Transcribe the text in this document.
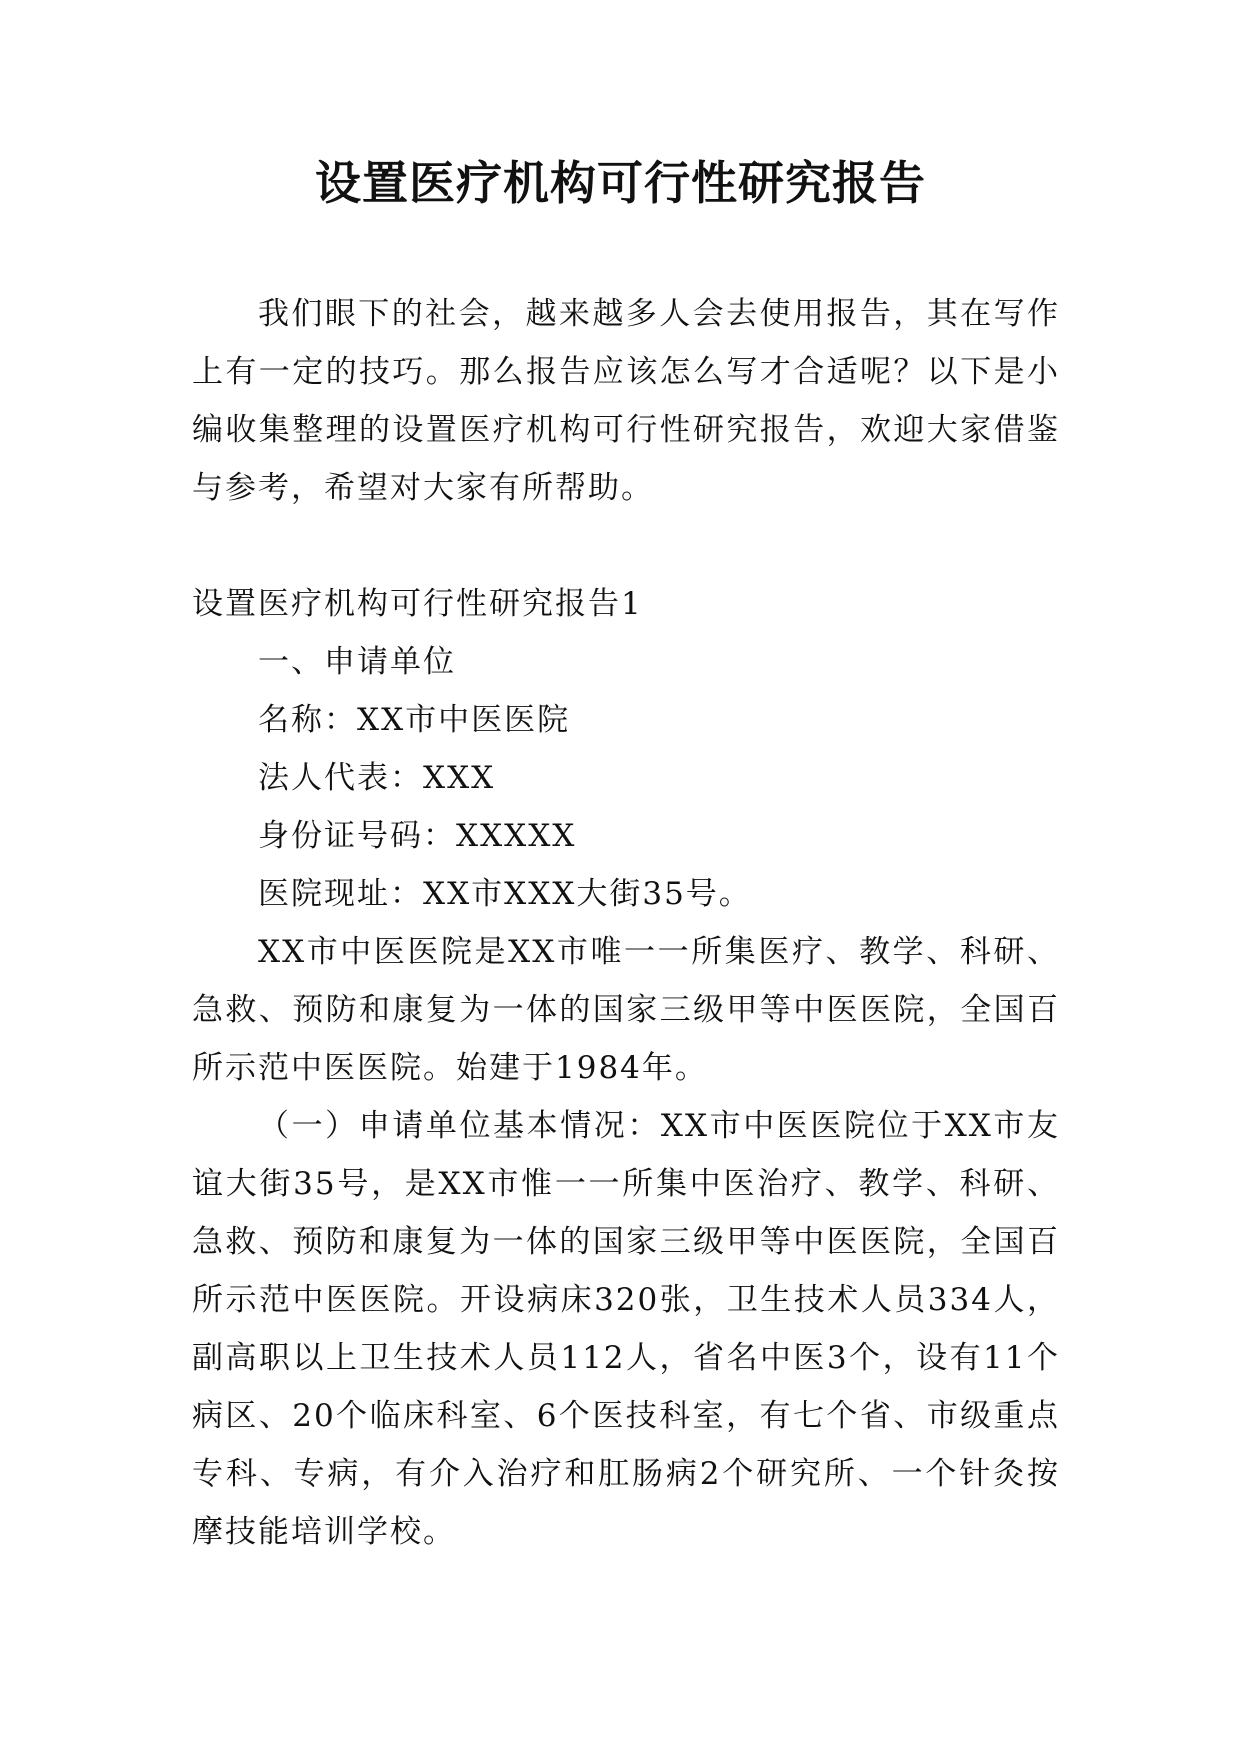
设置医疗机构可行性研究报告

我们眼下的社会，越来越多人会去使用报告，其在写作上有一定的技巧。那么报告应该怎么写才合适呢？以下是小编收集整理的设置医疗机构可行性研究报告，欢迎大家借鉴与参考，希望对大家有所帮助。

设置医疗机构可行性研究报告1

一、申请单位

名称：XX市中医医院

法人代表：XXX

身份证号码：XXXXX

医院现址：XX市XXX大街35号。

XX市中医医院是XX市唯一一所集医疗、教学、科研、急救、预防和康复为一体的国家三级甲等中医医院，全国百所示范中医医院。始建于1984年。

（一）申请单位基本情况：XX市中医医院位于XX市友谊大街35号，是XX市惟一一所集中医治疗、教学、科研、急救、预防和康复为一体的国家三级甲等中医医院，全国百所示范中医医院。开设病床320张，卫生技术人员334人，副高职以上卫生技术人员112人，省名中医3个，设有11个病区、20个临床科室、6个医技科室，有七个省、市级重点专科、专病，有介入治疗和肛肠病2个研究所、一个针灸按摩技能培训学校。
